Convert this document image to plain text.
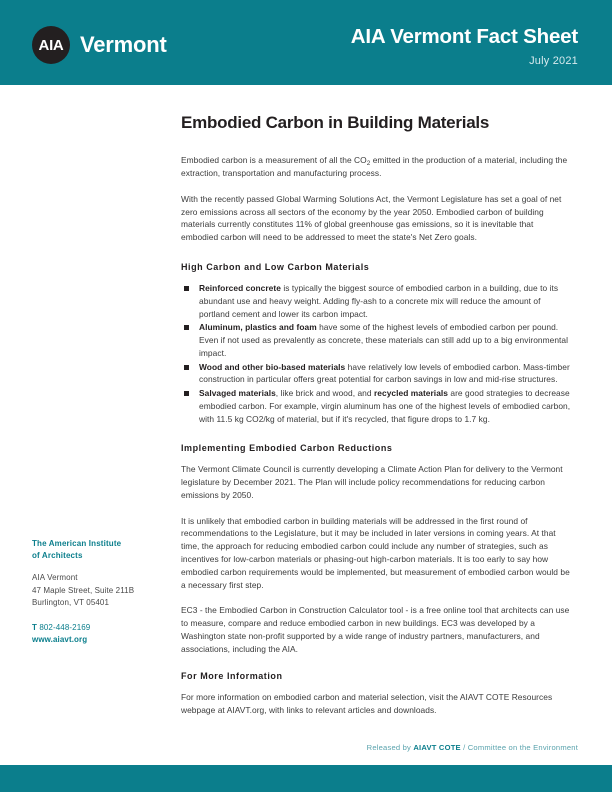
AIA Vermont	AIA Vermont Fact Sheet
July 2021
Embodied Carbon in Building Materials

Embodied carbon is a measurement of all the $CO_2$ emitted in the production of a material, including the extraction, transportation and manufacturing process.

With the recently passed Global Warming Solutions Act, the Vermont Legislature has set a goal of net zero emissions across all sectors of the economy by the year 2050. Embodied carbon of building materials currently constitutes 11% of global greenhouse gas emissions, so it is inevitable that embodied carbon will need to be addressed to meet the state's Net Zero goals.

High Carbon and Low Carbon Materials
Reinforced concrete is typically the biggest source of embodied carbon in a building, due to its abundant use and heavy weight. Adding fly-ash to a concrete mix will reduce the amount of portland cement and lower its carbon impact.
Aluminum, plastics and foam have some of the highest levels of embodied carbon per pound. Even if not used as prevalently as concrete, these materials can still add up to a big environmental impact.
Wood and other bio-based materials have relatively low levels of embodied carbon. Mass-timber construction in particular offers great potential for carbon savings in low and mid-rise structures.
Salvaged materials, like brick and wood, and recycled materials are good strategies to decrease embodied carbon. For example, virgin aluminum has one of the highest levels of embodied carbon, with 11.5 kg CO2/kg of material, but if it's recycled, that figure drops to 1.7 kg.
Implementing Embodied Carbon Reductions

The Vermont Climate Council is currently developing a Climate Action Plan for delivery to the Vermont legislature by December 2021. The Plan will include policy recommendations for reducing carbon emissions by 2050.

It is unlikely that embodied carbon in building materials will be addressed in the first round of recommendations to the Legislature, but it may be included in later versions in coming years. At that time, the approach for reducing embodied carbon could include any number of strategies, such as incentives for low-carbon materials or phasing-out high-carbon materials. It is too early to say how embodied carbon requirements would be implemented, but measurement of embodied carbon would be a necessary first step.

EC3 - the Embodied Carbon in Construction Calculator tool - is a free online tool that architects can use to measure, compare and reduce embodied carbon in new buildings. EC3 was developed by a Washington state non-profit supported by a wide range of industry partners, manufacturers, and associations, including the AIA.

For More Information

For more information on embodied carbon and material selection, visit the AIAVT COTE Resources webpage at AIAVT.org, with links to relevant articles and downloads.

The American Institute
of Architects
AIA Vermont
47 Maple Street, Suite 211B
Burlington, VT 05401
T 802-448-2169
www.aiavt.org
Released by AIAVT COTE / Committee on the Environment
